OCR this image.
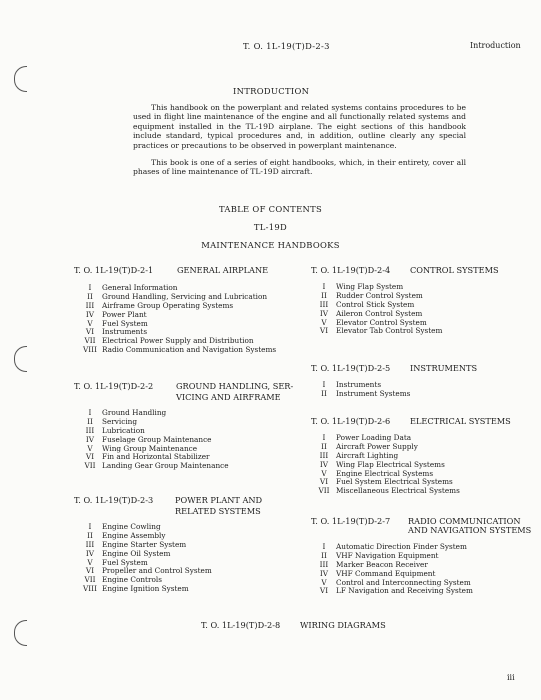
T. O. 1L-19(T)D-2-3	Introduction
INTRODUCTION
This handbook on the powerplant and related systems contains procedures to be used in flight line maintenance of the engine and all functionally related systems and equipment installed in the TL-19D airplane. The eight sections of this handbook include standard, typical procedures and, in addition, outline clearly any special practices or precautions to be observed in powerplant maintenance.
This book is one of a series of eight handbooks, which, in their entirety, cover all phases of line maintenance of TL-19D aircraft.
TABLE OF CONTENTS
TL-19D
MAINTENANCE HANDBOOKS
T. O. 1L-19(T)D-2-1	GENERAL AIRPLANE
I	General Information
II	Ground Handling, Servicing and Lubrication
III	Airframe Group Operating Systems
IV	Power Plant
V	Fuel System
VI	Instruments
VII Electrical Power Supply and Distribution
VIII Radio Communication and Navigation Systems
T. O. 1L-19(T)D-2-2	GROUND HANDLING, SER-
VICING AND AIRFRAME
I	Ground Handling
II	Servicing
III	Lubrication
IV	Fuselage Group Maintenance
V	Wing Group Maintenance
VI	Fin and Horizontal Stabilizer
VII Landing Gear Group Maintenance
T. O. 1L-19(T)D-2-3	POWER PLANT AND
RELATED SYSTEMS
I	Engine Cowling
II	Engine Assembly
III	Engine Starter System
IV	Engine Oil System
V	Fuel System
VI	Propeller and Control System
VII Engine Controls
VIII Engine Ignition System
T. O. 1L-19(T)D-2-4 CONTROL SYSTEMS
I	Wing Flap System
II	Rudder Control System
III	Control Stick System
IV	Aileron Control System
V	Elevator Control System
VI	Elevator Tab Control System
T. O. 1L-19(T)D-2-5 INSTRUMENTS
I	Instruments
II	Instrument Systems
T. O. 1L-19(T)D-2-6 ELECTRICAL SYSTEMS
I	Power Loading Data
II	Aircraft Power Supply
III	Aircraft Lighting
IV	Wing Flap Electrical Systems
V	Engine Electrical Systems
VI	Fuel System Electrical Systems
VII Miscellaneous Electrical Systems
T. O. 1L-19(T)D-2-7 RADIO COMMUNICATION
AND NAVIGATION SYSTEMS
I	Automatic Direction Finder System
II	VHF Navigation Equipment
III	Marker Beacon Receiver
IV	VHF Command Equipment
V	Control and Interconnecting System
VI	LF Navigation and Receiving System
T. O. 1L-19(T)D-2-8 WIRING DIAGRAMS
iii
